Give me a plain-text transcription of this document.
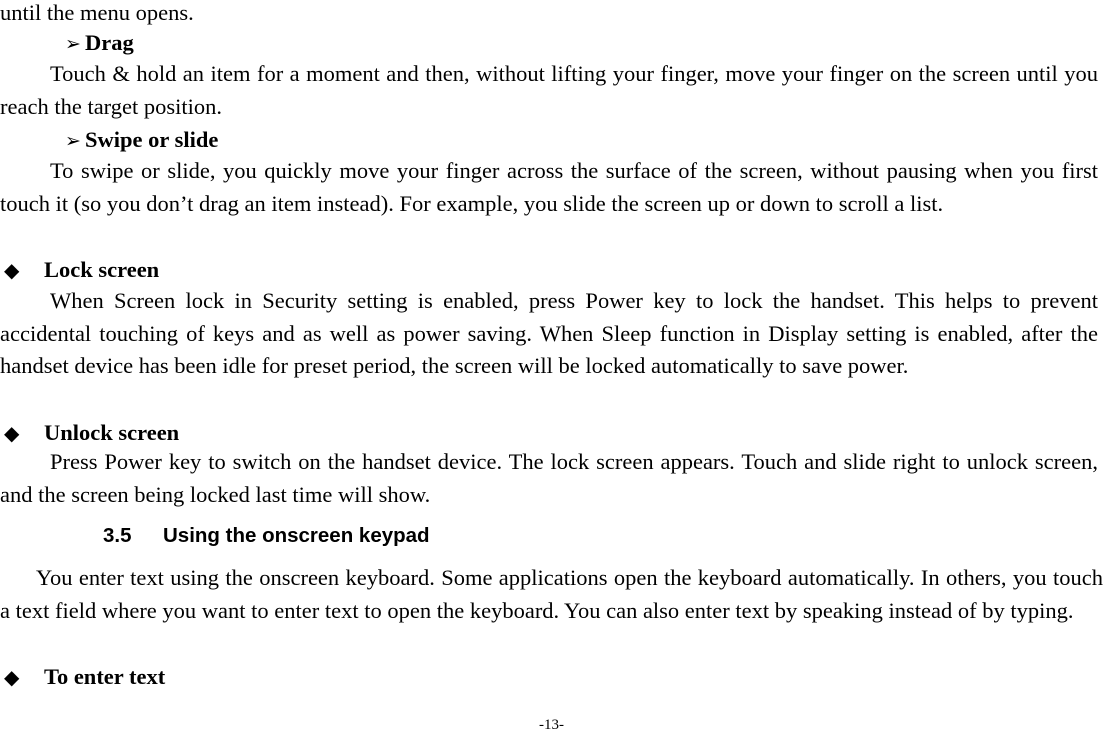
until the menu opens.
➢ Drag
Touch & hold an item for a moment and then, without lifting your finger, move your finger on the screen until you reach the target position.
➢ Swipe or slide
To swipe or slide, you quickly move your finger across the surface of the screen, without pausing when you first touch it (so you don’t drag an item instead). For example, you slide the screen up or down to scroll a list.
◆ Lock screen
When Screen lock in Security setting is enabled, press Power key to lock the handset. This helps to prevent accidental touching of keys and as well as power saving. When Sleep function in Display setting is enabled, after the handset device has been idle for preset period, the screen will be locked automatically to save power.
◆ Unlock screen
Press Power key to switch on the handset device. The lock screen appears. Touch and slide right to unlock screen, and the screen being locked last time will show.
3.5 Using the onscreen keypad
You enter text using the onscreen keyboard. Some applications open the keyboard automatically. In others, you touch a text field where you want to enter text to open the keyboard. You can also enter text by speaking instead of by typing.
◆ To enter text
-13-
